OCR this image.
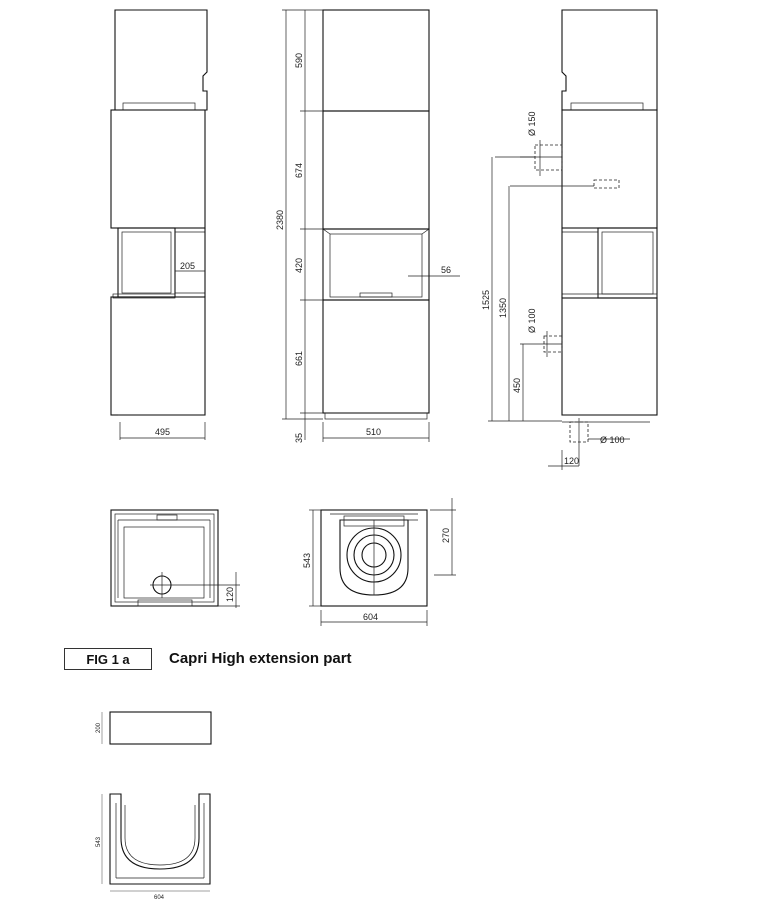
205
495
2380
590
674
420
661
35
56
510
Ø 150
Ø 100
1525 1350
450
Ø 100
120
120
543
270
604
200
543
604
FIG 1 a	Capri High extension part
